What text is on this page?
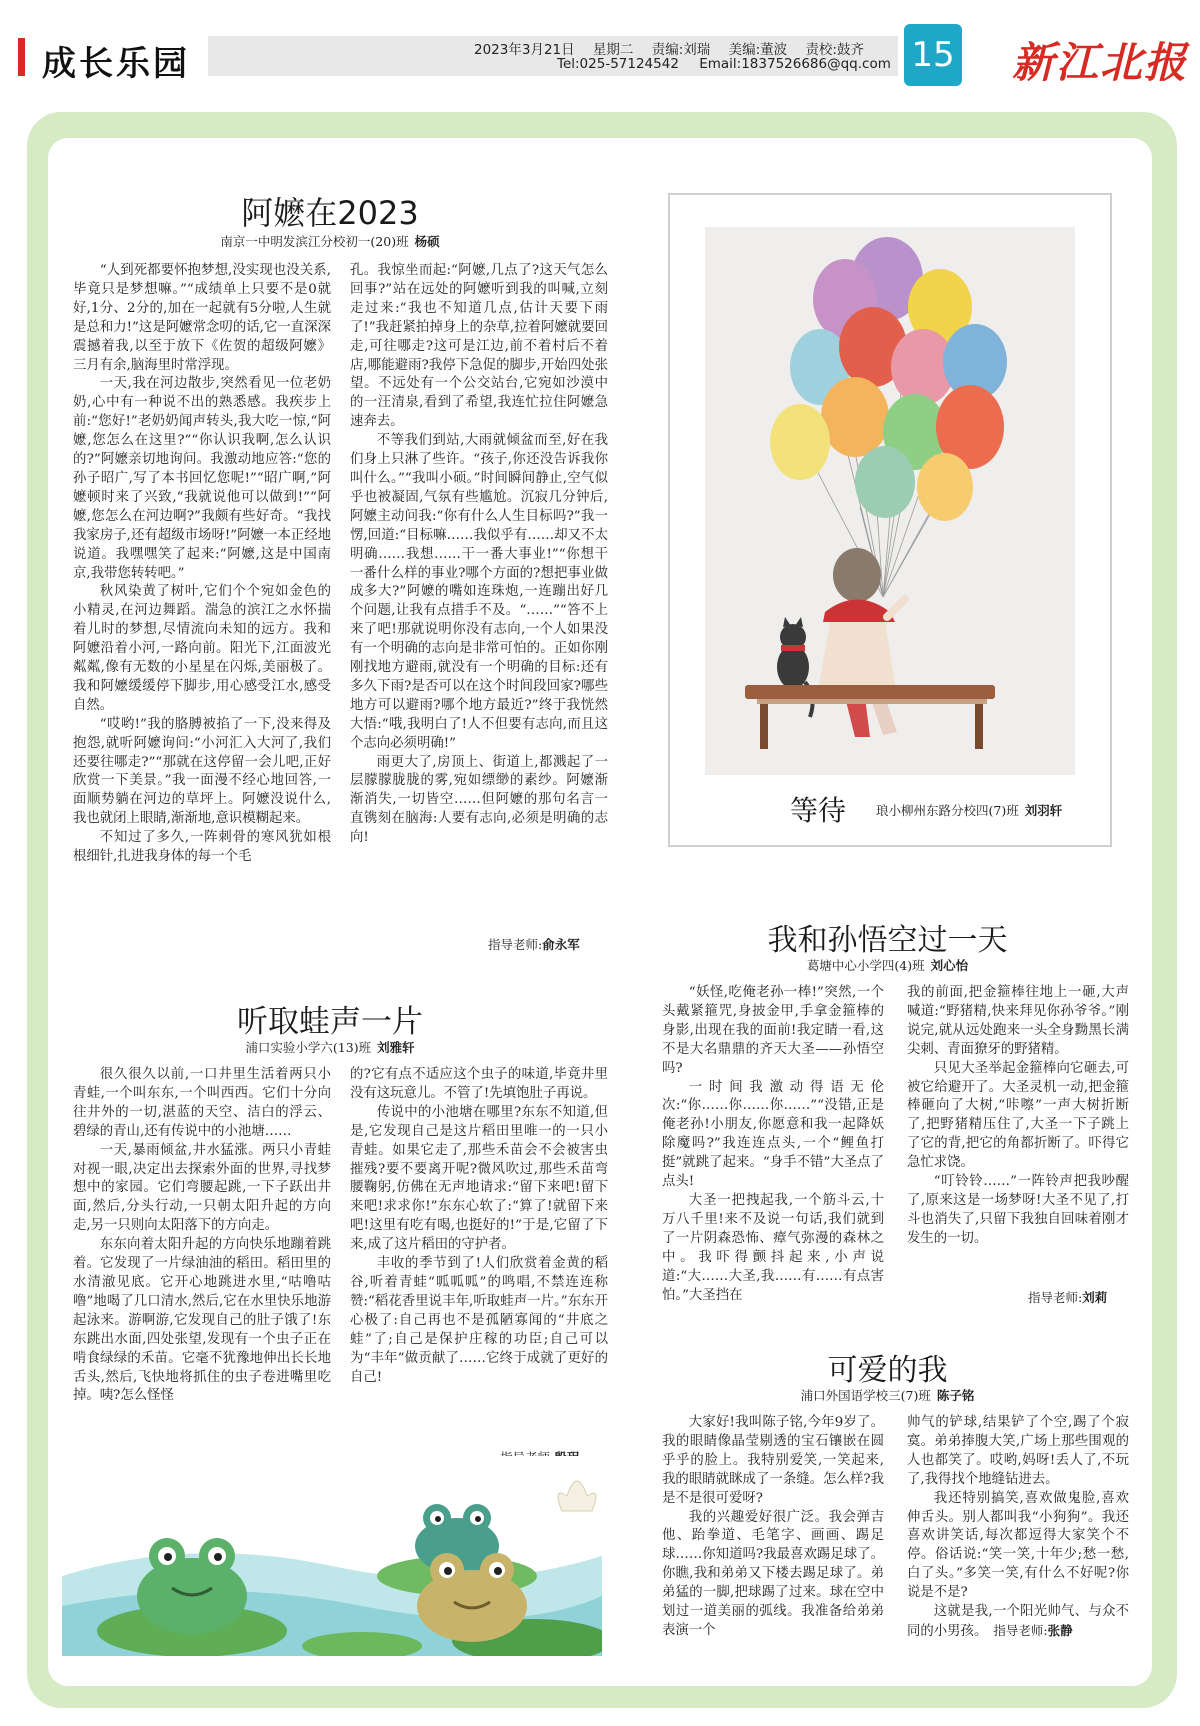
成长乐园	2023年3月21日 星期二 责编:刘瑞 美编:董波 责校:鼓齐
Tel:025-57124542 Email:1837526686@qq.com 15 新江北报
阿嬷在2023
南京一中明发滨江分校初一(20)班 杨硕

“人到死都要怀抱梦想,没实现也没关系,毕竟只是梦想嘛。”“成绩单上只要不是0就好,1分、2分的,加在一起就有5分啦,人生就是总和力!”这是阿嬷常念叨的话,它一直深深震撼着我,以至于放下《佐贺的超级阿嬷》三月有余,脑海里时常浮现。

一天,我在河边散步,突然看见一位老奶奶,心中有一种说不出的熟悉感。我疾步上前:“您好!”老奶奶闻声转头,我大吃一惊,“阿嬷,您怎么在这里?”“你认识我啊,怎么认识的?”阿嬷亲切地询问。我激动地应答:“您的孙子昭广,写了本书回忆您呢!”“昭广啊,”阿嬷顿时来了兴致,“我就说他可以做到!”“阿嬷,您怎么在河边啊?”我颇有些好奇。“我找我家房子,还有超级市场呀!”阿嬷一本正经地说道。我嘿嘿笑了起来:“阿嬷,这是中国南京,我带您转转吧。”

秋风染黄了树叶,它们个个宛如金色的小精灵,在河边舞蹈。湍急的滨江之水怀揣着儿时的梦想,尽情流向未知的远方。我和阿嬷沿着小河,一路向前。阳光下,江面波光粼粼,像有无数的小星星在闪烁,美丽极了。我和阿嬷缓缓停下脚步,用心感受江水,感受自然。

“哎哟!”我的胳膊被掐了一下,没来得及抱怨,就听阿嬷询问:“小河汇入大河了,我们还要往哪走?”“那就在这停留一会儿吧,正好欣赏一下美景。”我一面漫不经心地回答,一面顺势躺在河边的草坪上。阿嬷没说什么,我也就闭上眼睛,渐渐地,意识模糊起来。

不知过了多久,一阵刺骨的寒风犹如根根细针,扎进我身体的每一个毛

孔。我惊坐而起:“阿嬷,几点了?这天气怎么回事?”站在远处的阿嬷听到我的叫喊,立刻走过来:“我也不知道几点,估计天要下雨了!”我赶紧拍掉身上的杂草,拉着阿嬷就要回走,可往哪走?这可是江边,前不着村后不着店,哪能避雨?我停下急促的脚步,开始四处张望。不远处有一个公交站台,它宛如沙漠中的一汪清泉,看到了希望,我连忙拉住阿嬷急速奔去。

不等我们到站,大雨就倾盆而至,好在我们身上只淋了些许。“孩子,你还没告诉我你叫什么。”“我叫小硕。”时间瞬间静止,空气似乎也被凝固,气氛有些尴尬。沉寂几分钟后,阿嬷主动问我:“你有什么人生目标吗?”我一愣,回道:“目标嘛……我似乎有……却又不太明确……我想……干一番大事业!”“你想干一番什么样的事业?哪个方面的?想把事业做成多大?”阿嬷的嘴如连珠炮,一连蹦出好几个问题,让我有点措手不及。“……”“答不上来了吧!那就说明你没有志向,一个人如果没有一个明确的志向是非常可怕的。正如你刚刚找地方避雨,就没有一个明确的目标:还有多久下雨?是否可以在这个时间段回家?哪些地方可以避雨?哪个地方最近?”终于我恍然大悟:“哦,我明白了!人不但要有志向,而且这个志向必须明确!”

雨更大了,房顶上、街道上,都溅起了一层朦朦胧胧的雾,宛如缥缈的素纱。阿嬷渐渐消失,一切皆空……但阿嬷的那句名言一直镌刻在脑海:人要有志向,必须是明确的志向!

指导老师:俞永军
等待 琅小柳州东路分校四(7)班 刘羽轩
听取蛙声一片
浦口实验小学六(13)班 刘雅轩

很久很久以前,一口井里生活着两只小青蛙,一个叫东东,一个叫西西。它们十分向往井外的一切,湛蓝的天空、洁白的浮云、碧绿的青山,还有传说中的小池塘……

一天,暴雨倾盆,井水猛涨。两只小青蛙对视一眼,决定出去探索外面的世界,寻找梦想中的家园。它们弯腰起跳,一下子跃出井面,然后,分头行动,一只朝太阳升起的方向走,另一只则向太阳落下的方向走。

东东向着太阳升起的方向快乐地蹦着跳着。它发现了一片绿油油的稻田。稻田里的水清澈见底。它开心地跳进水里,“咕噜咕噜”地喝了几口清水,然后,它在水里快乐地游起泳来。游啊游,它发现自己的肚子饿了!东东跳出水面,四处张望,发现有一个虫子正在啃食绿绿的禾苗。它毫不犹豫地伸出长长地舌头,然后,飞快地将抓住的虫子卷进嘴里吃掉。咦?怎么怪怪

的?它有点不适应这个虫子的味道,毕竟井里没有这玩意儿。不管了!先填饱肚子再说。

传说中的小池塘在哪里?东东不知道,但是,它发现自己是这片稻田里唯一的一只小青蛙。如果它走了,那些禾苗会不会被害虫摧残?要不要离开呢?微风吹过,那些禾苗弯腰鞠躬,仿佛在无声地请求:“留下来吧!留下来吧!求求你!”东东心软了:“算了!就留下来吧!这里有吃有喝,也挺好的!”于是,它留了下来,成了这片稻田的守护者。

丰收的季节到了!人们欣赏着金黄的稻谷,听着青蛙“呱呱呱”的鸣唱,不禁连连称赞:“稻花香里说丰年,听取蛙声一片。”东东开心极了:自己再也不是孤陋寡闻的“井底之蛙”了;自己是保护庄稼的功臣;自己可以为“丰年”做贡献了……它终于成就了更好的自己!

我和孙悟空过一天
葛塘中心小学四(4)班 刘心怡

“妖怪,吃俺老孙一棒!”突然,一个头戴紧箍咒,身披金甲,手拿金箍棒的身影,出现在我的面前!我定睛一看,这不是大名鼎鼎的齐天大圣——孙悟空吗?

一时间我激动得语无伦次:“你……你……你……”“没错,正是俺老孙!小朋友,你愿意和我一起降妖除魔吗?”我连连点头,一个“鲤鱼打挺”就跳了起来。“身手不错”大圣点了点头!

大圣一把拽起我,一个筋斗云,十万八千里!来不及说一句话,我们就到了一片阴森恐怖、瘴气弥漫的森林之中。我吓得颤抖起来,小声说道:“大……大圣,我……有……有点害怕。”大圣挡在

我的前面,把金箍棒往地上一砸,大声喊道:“野猪精,快来拜见你孙爷爷。”刚说完,就从远处跑来一头全身黝黑长满尖刺、青面獠牙的野猪精。

只见大圣举起金箍棒向它砸去,可被它给避开了。大圣灵机一动,把金箍棒砸向了大树,“咔嚓”一声大树折断了,把野猪精压住了,大圣一下子跳上了它的背,把它的角都折断了。吓得它急忙求饶。

“叮铃铃……”一阵铃声把我吵醒了,原来这是一场梦呀!大圣不见了,打斗也消失了,只留下我独自回味着刚才发生的一切。

指导老师:刘莉
可爱的我
浦口外国语学校三(7)班 陈子铭

大家好!我叫陈子铭,今年9岁了。我的眼睛像晶莹剔透的宝石镶嵌在圆乎乎的脸上。我特别爱笑,一笑起来,我的眼睛就眯成了一条缝。怎么样?我是不是很可爱呀?

我的兴趣爱好很广泛。我会弹吉他、跆拳道、毛笔字、画画、踢足球……你知道吗?我最喜欢踢足球了。你瞧,我和弟弟又下楼去踢足球了。弟弟猛的一脚,把球踢了过来。球在空中划过一道美丽的弧线。我准备给弟弟表演一个

帅气的铲球,结果铲了个空,踢了个寂寞。弟弟捧腹大笑,广场上那些围观的人也都笑了。哎哟,妈呀!丢人了,不玩了,我得找个地缝钻进去。

我还特别搞笑,喜欢做鬼脸,喜欢伸舌头。别人都叫我“小狗狗”。我还喜欢讲笑话,每次都逗得大家笑个不停。俗话说:“笑一笑,十年少;愁一愁,白了头。”多笑一笑,有什么不好呢?你说是不是?

这就是我,一个阳光帅气、与众不同的小男孩。 指导老师:张静
